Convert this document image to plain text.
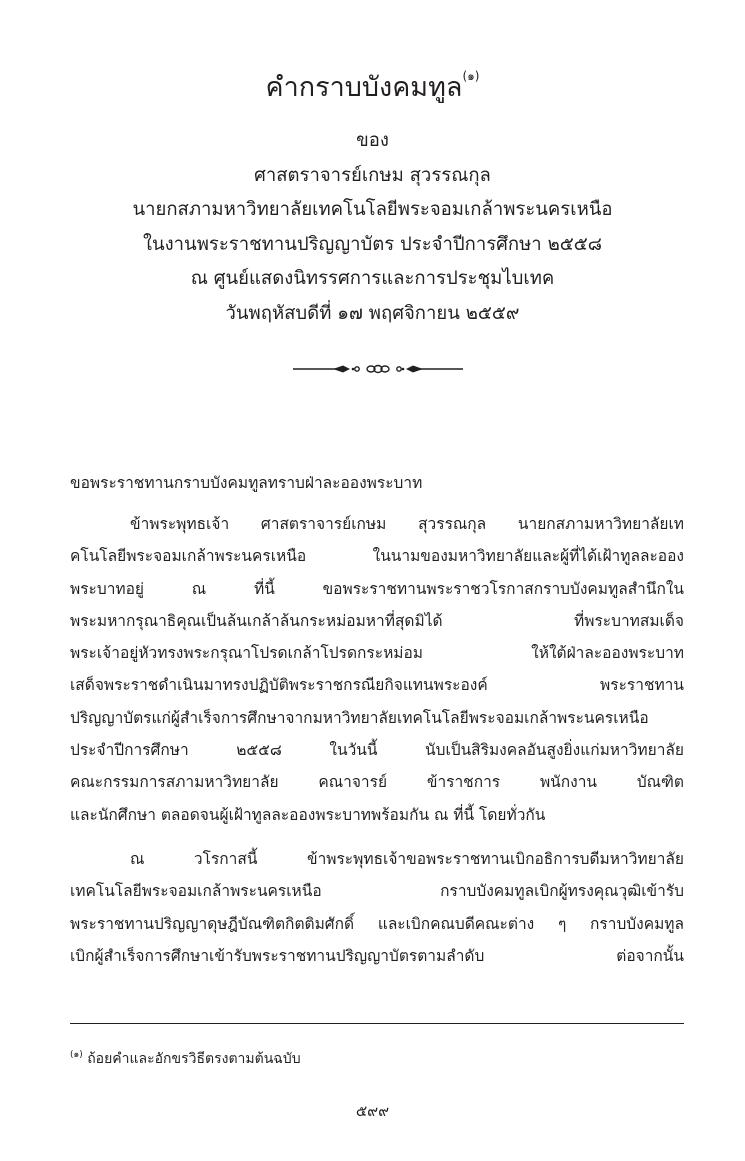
คำกราบบังคมทูล$^{(๑)}$
ของ
ศาสตราจารย์เกษม สุวรรณกุล
นายกสภามหาวิทยาลัยเทคโนโลยีพระจอมเกล้าพระนครเหนือ
ในงานพระราชทานปริญญาบัตร ประจำปีการศึกษา ๒๕๕๘
ณ ศูนย์แสดงนิทรรศการและการประชุมไบเทค
วันพฤหัสบดีที่ ๑๗ พฤศจิกายน ๒๕๕๙
ขอพระราชทานกราบบังคมทูลทราบฝ่าละอองพระบาท
ข้าพระพุทธเจ้า ศาสตราจารย์เกษม สุวรรณกุล นายกสภามหาวิทยาลัยเท
คโนโลยีพระจอมเกล้าพระนครเหนือ ในนามของมหาวิทยาลัยและผู้ที่ได้เฝ้าทูลละออง
พระบาทอยู่ ณ ที่นี้ ขอพระราชทานพระราชวโรกาสกราบบังคมทูลสำนึกใน
พระมหากรุณาธิคุณเป็นล้นเกล้าล้นกระหม่อมหาที่สุดมิได้ ที่พระบาทสมเด็จ
พระเจ้าอยู่หัวทรงพระกรุณาโปรดเกล้าโปรดกระหม่อม ให้ใต้ฝ่าละอองพระบาท
เสด็จพระราชดำเนินมาทรงปฏิบัติพระราชกรณียกิจแทนพระองค์ พระราชทาน
ปริญญาบัตรแก่ผู้สำเร็จการศึกษาจากมหาวิทยาลัยเทคโนโลยีพระจอมเกล้าพระนครเหนือ
ประจำปีการศึกษา ๒๕๕๘ ในวันนี้ นับเป็นสิริมงคลอันสูงยิ่งแก่มหาวิทยาลัย
คณะกรรมการสภามหาวิทยาลัย คณาจารย์ ข้าราชการ พนักงาน บัณฑิต
และนักศึกษา ตลอดจนผู้เฝ้าทูลละอองพระบาทพร้อมกัน ณ ที่นี้ โดยทั่วกัน
ณ วโรกาสนี้ ข้าพระพุทธเจ้าขอพระราชทานเบิกอธิการบดีมหาวิทยาลัย
เทคโนโลยีพระจอมเกล้าพระนครเหนือ กราบบังคมทูลเบิกผู้ทรงคุณวุฒิเข้ารับ
พระราชทานปริญญาดุษฎีบัณฑิตกิตติมศักดิ์ และเบิกคณบดีคณะต่าง ๆ กราบบังคมทูล
เบิกผู้สำเร็จการศึกษาเข้ารับพระราชทานปริญญาบัตรตามลำดับ ต่อจากนั้น
$^{(๑)}$ ถ้อยคำและอักขรวิธีตรงตามต้นฉบับ
๕๙๙
